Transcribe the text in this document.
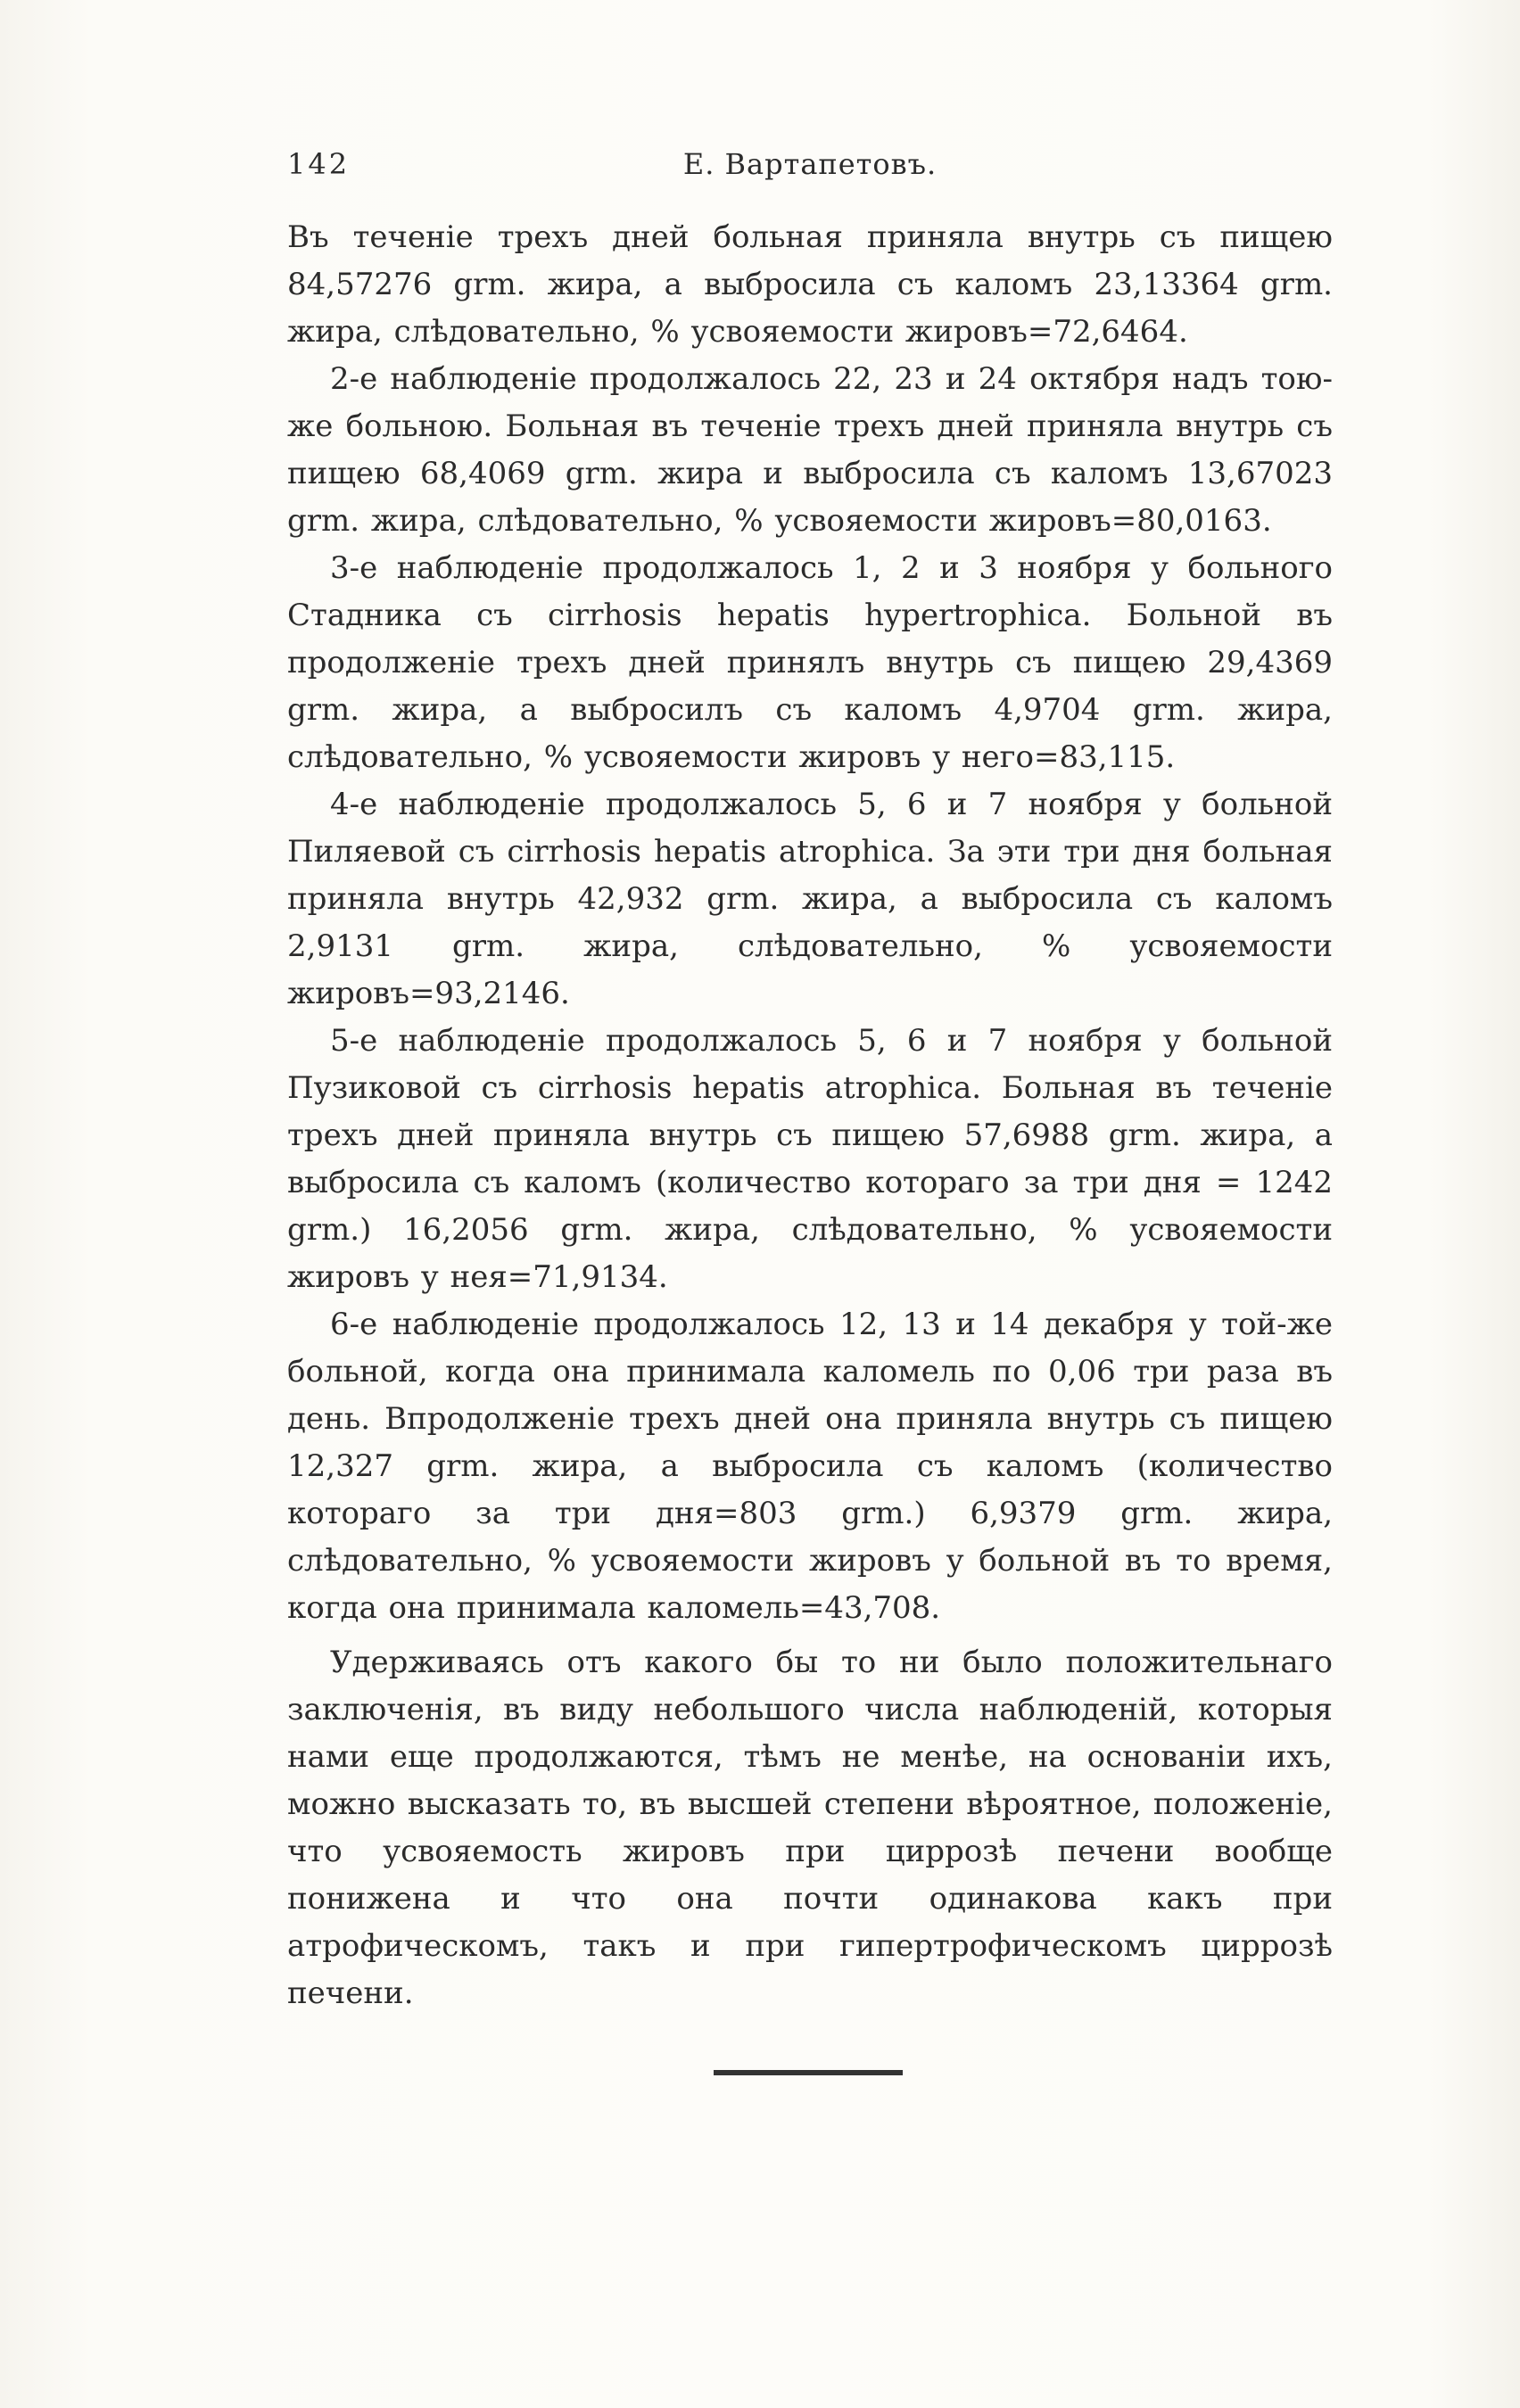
142	Е. Вартапетовъ.

Въ теченіе трехъ дней больная приняла внутрь съ пищею 84,57276 grm. жира, а выбросила съ каломъ 23,13364 grm. жира, слѣдовательно, % усвояемости жировъ=72,6464.

2-е наблюденіе продолжалось 22, 23 и 24 октября надъ тою-же больною. Больная въ теченіе трехъ дней приняла внутрь съ пищею 68,4069 grm. жира и выбросила съ каломъ 13,67023 grm. жира, слѣдовательно, % усвояемости жировъ=80,0163.

3-е наблюденіе продолжалось 1, 2 и 3 ноября у больного Стадника съ cirrhosis hepatis hypertrophica. Больной въ продолженіе трехъ дней принялъ внутрь съ пищею 29,4369 grm. жира, а выбросилъ съ каломъ 4,9704 grm. жира, слѣдовательно, % усвояемости жировъ у него=83,115.

4-е наблюденіе продолжалось 5, 6 и 7 ноября у больной Пиляевой съ cirrhosis hepatis atrophica. За эти три дня больная приняла внутрь 42,932 grm. жира, а выбросила съ каломъ 2,9131 grm. жира, слѣдовательно, % усвояемости жировъ=93,2146.

5-е наблюденіе продолжалось 5, 6 и 7 ноября у больной Пузиковой съ cirrhosis hepatis atrophica. Больная въ теченіе трехъ дней приняла внутрь съ пищею 57,6988 grm. жира, а выбросила съ каломъ (количество котораго за три дня = 1242 grm.) 16,2056 grm. жира, слѣдовательно, % усвояемости жировъ у нея=71,9134.

6-е наблюденіе продолжалось 12, 13 и 14 декабря у той-же больной, когда она принимала каломель по 0,06 три раза въ день. Впродолженіе трехъ дней она приняла внутрь съ пищею 12,327 grm. жира, а выбросила съ каломъ (количество котораго за три дня=803 grm.) 6,9379 grm. жира, слѣдовательно, % усвояемости жировъ у больной въ то время, когда она принимала каломель=43,708.

Удерживаясь отъ какого бы то ни было положительнаго заключенія, въ виду небольшого числа наблюденій, которыя нами еще продолжаются, тѣмъ не менѣе, на основаніи ихъ, можно высказать то, въ высшей степени вѣроятное, положеніе, что усвояемость жировъ при циррозѣ печени вообще понижена и что она почти одинакова какъ при атрофическомъ, такъ и при гипертрофическомъ циррозѣ печени.
